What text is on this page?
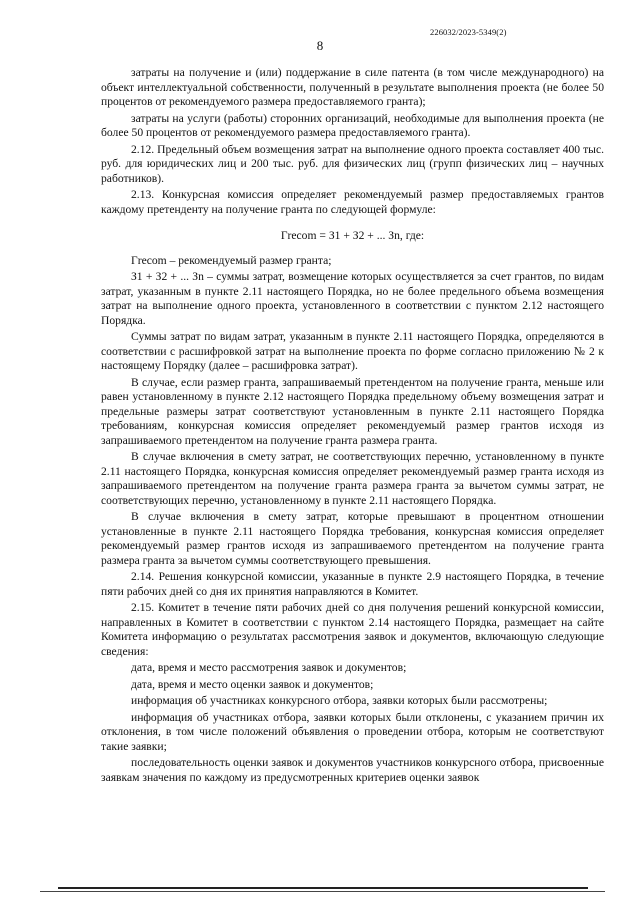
226032/2023-5349(2)
8

затраты на получение и (или) поддержание в силе патента (в том числе международного) на объект интеллектуальной собственности, полученный в результате выполнения проекта (не более 50 процентов от рекомендуемого размера предоставляемого гранта);

затраты на услуги (работы) сторонних организаций, необходимые для выполнения проекта (не более 50 процентов от рекомендуемого размера предоставляемого гранта).

2.12. Предельный объем возмещения затрат на выполнение одного проекта составляет 400 тыс. руб. для юридических лиц и 200 тыс. руб. для физических лиц (групп физических лиц – научных работников).

2.13. Конкурсная комиссия определяет рекомендуемый размер предоставляемых грантов каждому претенденту на получение гранта по следующей формуле:

Гrecom = З1 + З2 + ... Зn, где:

Гrecom – рекомендуемый размер гранта;

З1 + З2 + ... Зn – суммы затрат, возмещение которых осуществляется за счет грантов, по видам затрат, указанным в пункте 2.11 настоящего Порядка, но не более предельного объема возмещения затрат на выполнение одного проекта, установленного в соответствии с пунктом 2.12 настоящего Порядка.

Суммы затрат по видам затрат, указанным в пункте 2.11 настоящего Порядка, определяются в соответствии с расшифровкой затрат на выполнение проекта по форме согласно приложению № 2 к настоящему Порядку (далее – расшифровка затрат).

В случае, если размер гранта, запрашиваемый претендентом на получение гранта, меньше или равен установленному в пункте 2.12 настоящего Порядка предельному объему возмещения затрат и предельные размеры затрат соответствуют установленным в пункте 2.11 настоящего Порядка требованиям, конкурсная комиссия определяет рекомендуемый размер грантов исходя из запрашиваемого претендентом на получение гранта размера гранта.

В случае включения в смету затрат, не соответствующих перечню, установленному в пункте 2.11 настоящего Порядка, конкурсная комиссия определяет рекомендуемый размер гранта исходя из запрашиваемого претендентом на получение гранта размера гранта за вычетом суммы затрат, не соответствующих перечню, установленному в пункте 2.11 настоящего Порядка.

В случае включения в смету затрат, которые превышают в процентном отношении установленные в пункте 2.11 настоящего Порядка требования, конкурсная комиссия определяет рекомендуемый размер грантов исходя из запрашиваемого претендентом на получение гранта размера гранта за вычетом суммы соответствующего превышения.

2.14. Решения конкурсной комиссии, указанные в пункте 2.9 настоящего Порядка, в течение пяти рабочих дней со дня их принятия направляются в Комитет.

2.15. Комитет в течение пяти рабочих дней со дня получения решений конкурсной комиссии, направленных в Комитет в соответствии с пунктом 2.14 настоящего Порядка, размещает на сайте Комитета информацию о результатах рассмотрения заявок и документов, включающую следующие сведения:

дата, время и место рассмотрения заявок и документов;

дата, время и место оценки заявок и документов;

информация об участниках конкурсного отбора, заявки которых были рассмотрены;

информация об участниках отбора, заявки которых были отклонены, с указанием причин их отклонения, в том числе положений объявления о проведении отбора, которым не соответствуют такие заявки;

последовательность оценки заявок и документов участников конкурсного отбора, присвоенные заявкам значения по каждому из предусмотренных критериев оценки заявок
